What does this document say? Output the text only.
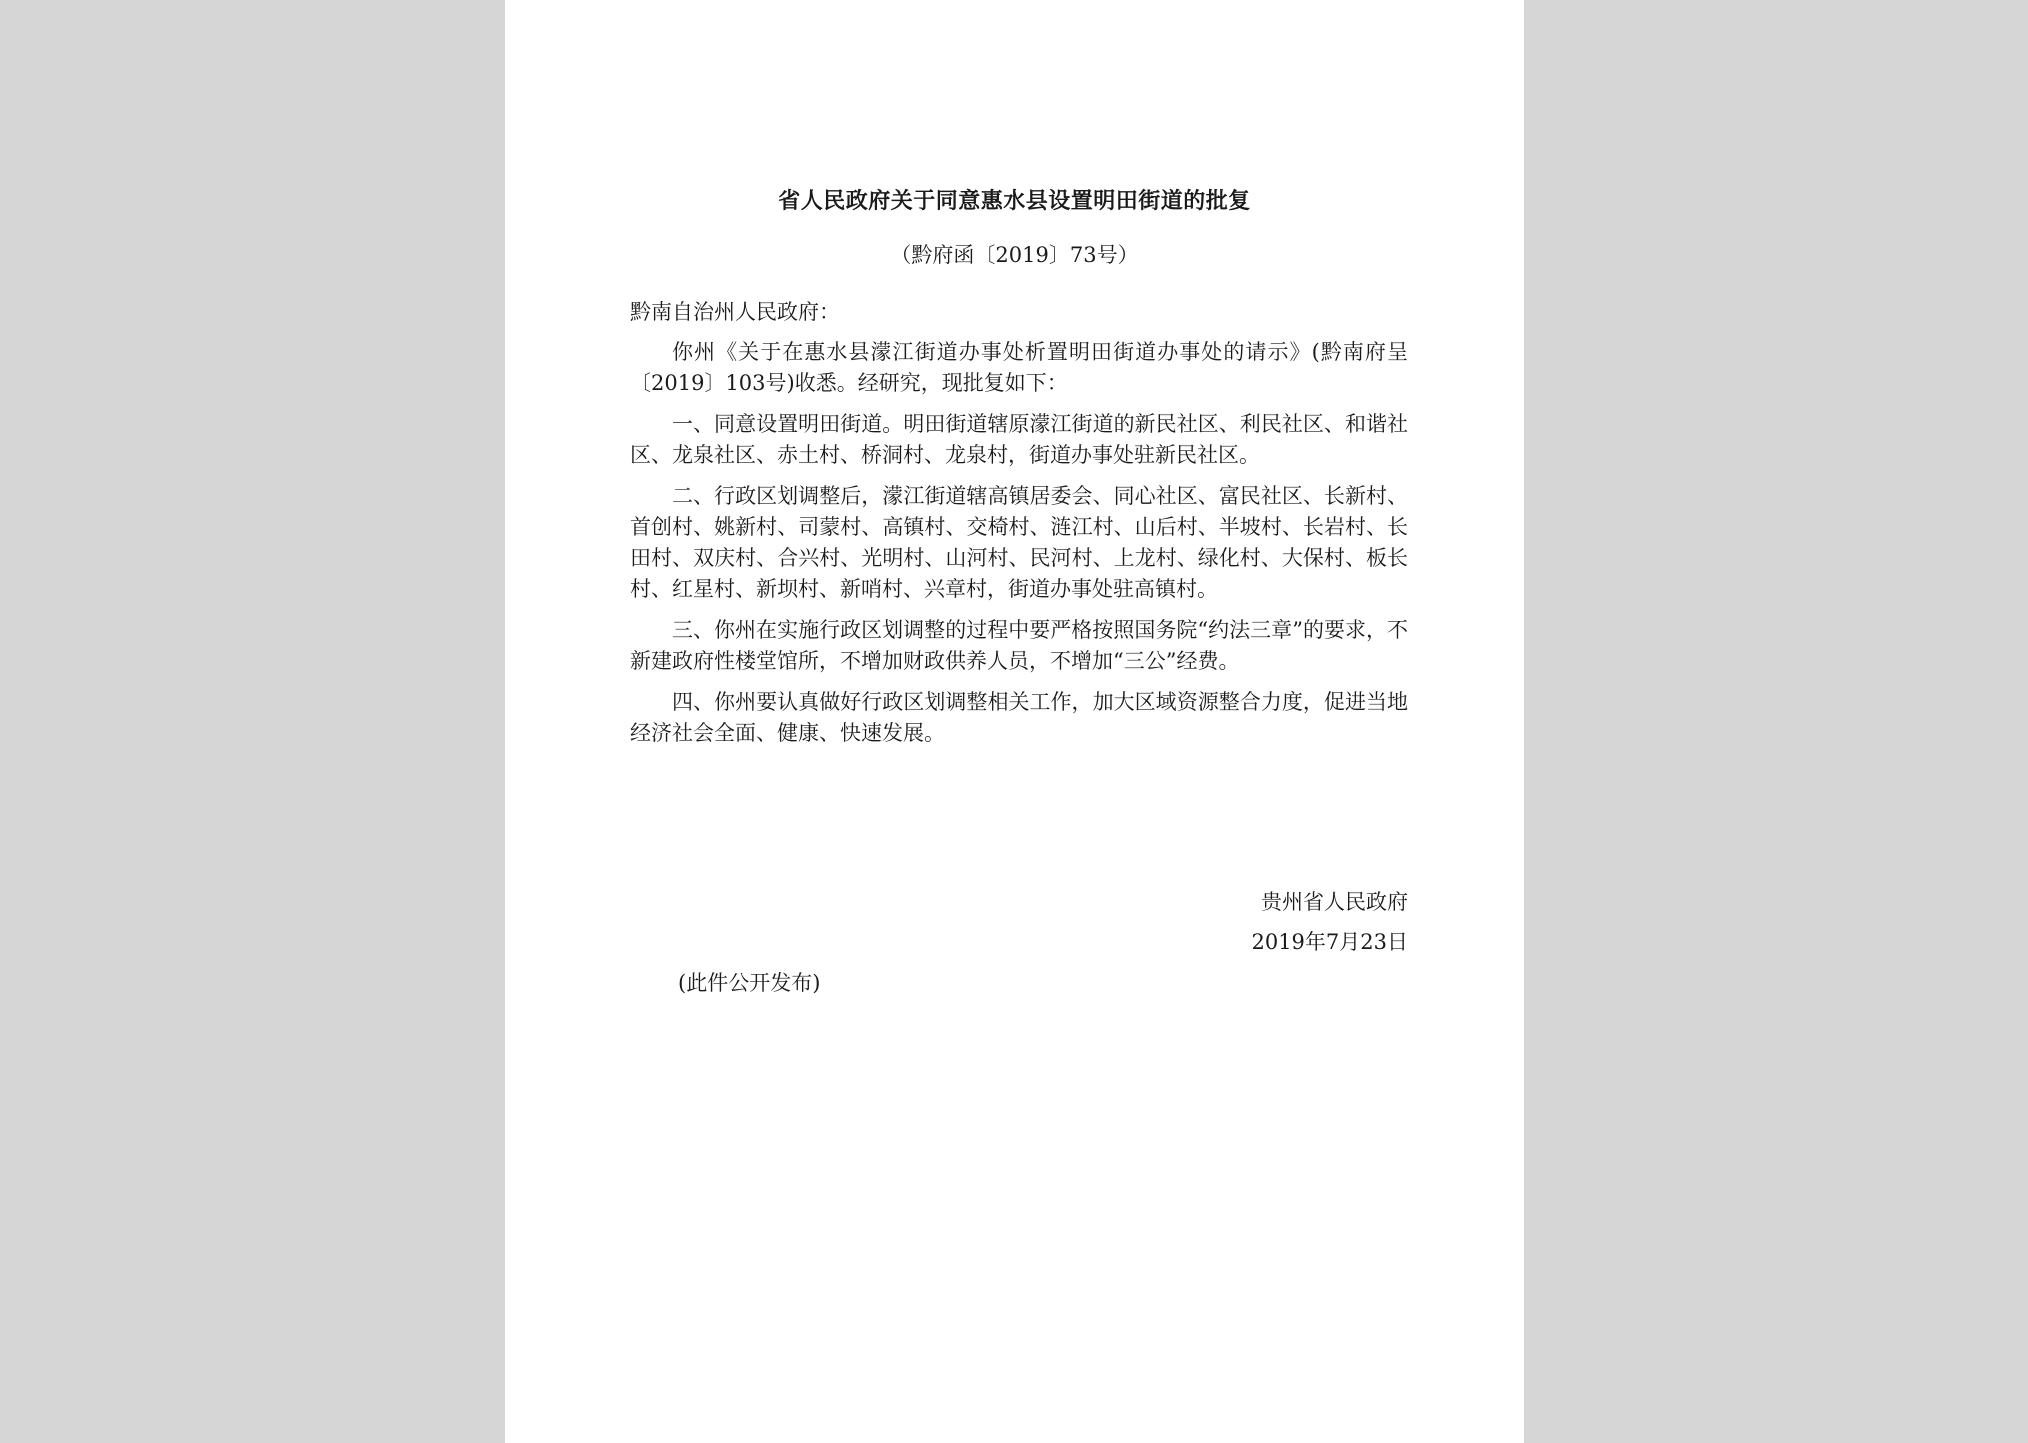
省人民政府关于同意惠水县设置明田街道的批复
（黔府函〔2019〕73号）

黔南自治州人民政府：

你州《关于在惠水县濛江街道办事处析置明田街道办事处的请示》(黔南府呈〔2019〕103号)收悉。经研究，现批复如下：

一、同意设置明田街道。明田街道辖原濛江街道的新民社区、利民社区、和谐社区、龙泉社区、赤土村、桥洞村、龙泉村，街道办事处驻新民社区。

二、行政区划调整后，濛江街道辖高镇居委会、同心社区、富民社区、长新村、首创村、姚新村、司蒙村、高镇村、交椅村、涟江村、山后村、半坡村、长岩村、长田村、双庆村、合兴村、光明村、山河村、民河村、上龙村、绿化村、大保村、板长村、红星村、新坝村、新哨村、兴章村，街道办事处驻高镇村。

三、你州在实施行政区划调整的过程中要严格按照国务院“约法三章”的要求，不新建政府性楼堂馆所，不增加财政供养人员，不增加“三公”经费。

四、你州要认真做好行政区划调整相关工作，加大区域资源整合力度，促进当地经济社会全面、健康、快速发展。

贵州省人民政府
2019年7月23日
(此件公开发布)
